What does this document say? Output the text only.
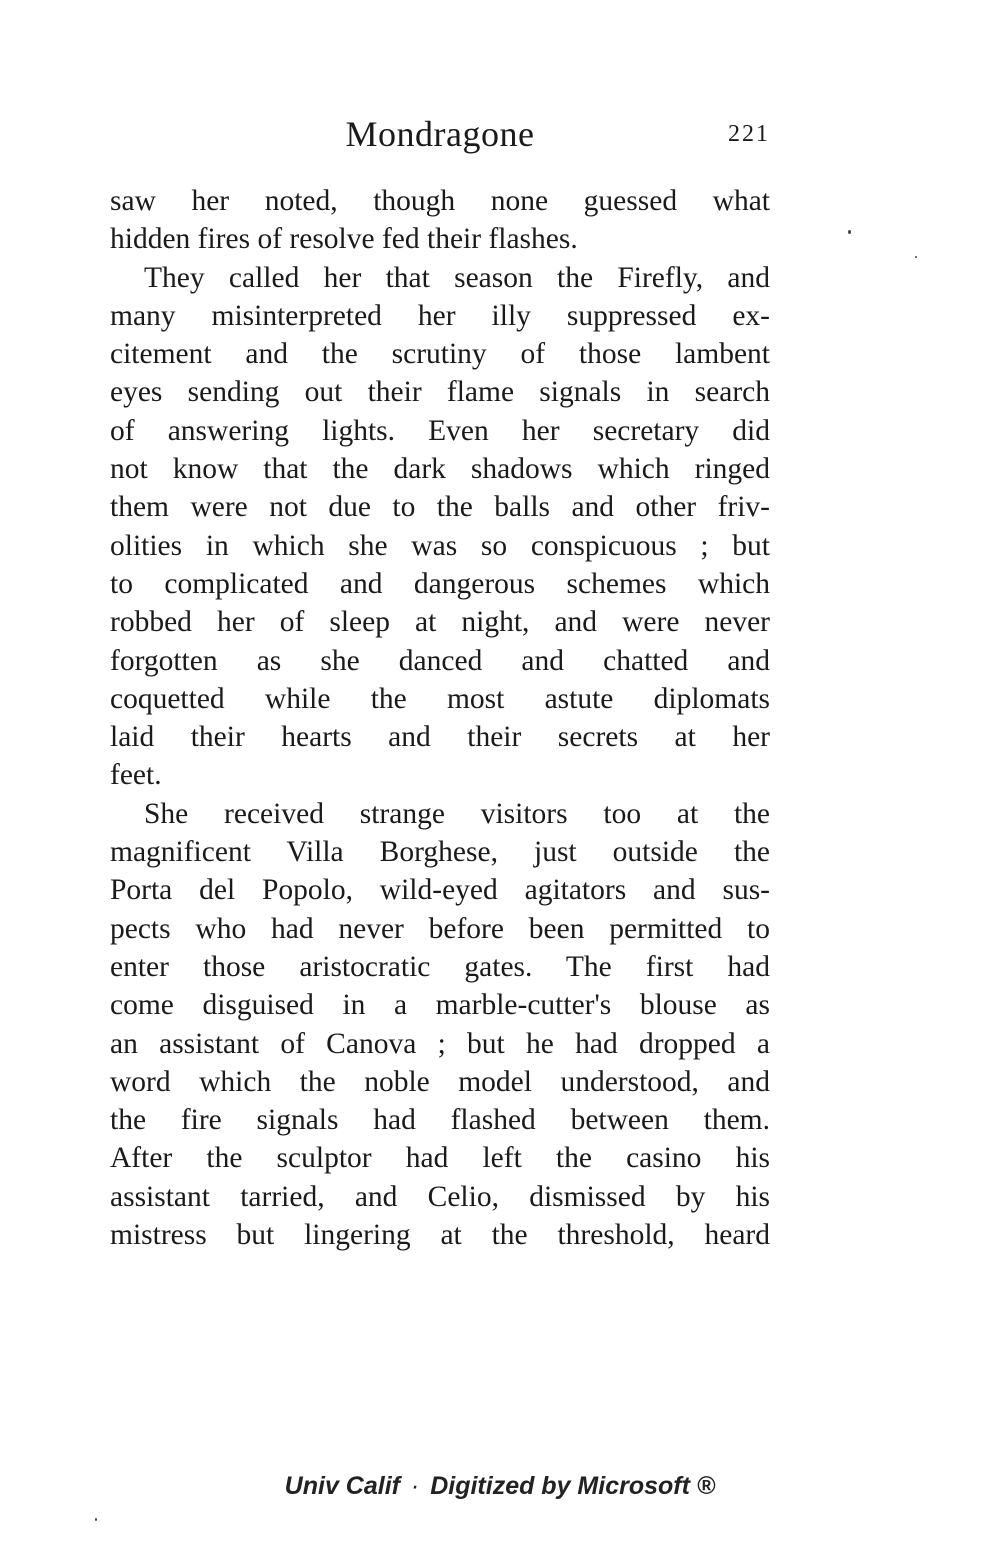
Mondragone	221
saw her noted, though none guessed what
hidden fires of resolve fed their flashes.
They called her that season the Firefly, and
many misinterpreted her illy suppressed ex-
citement and the scrutiny of those lambent
eyes sending out their flame signals in search
of answering lights. Even her secretary did
not know that the dark shadows which ringed
them were not due to the balls and other friv-
olities in which she was so conspicuous ; but
to complicated and dangerous schemes which
robbed her of sleep at night, and were never
forgotten as she danced and chatted and
coquetted while the most astute diplomats
laid their hearts and their secrets at her
feet.
She received strange visitors too at the
magnificent Villa Borghese, just outside the
Porta del Popolo, wild-eyed agitators and sus-
pects who had never before been permitted to
enter those aristocratic gates. The first had
come disguised in a marble-cutter's blouse as
an assistant of Canova ; but he had dropped a
word which the noble model understood, and
the fire signals had flashed between them.
After the sculptor had left the casino his
assistant tarried, and Celio, dismissed by his
mistress but lingering at the threshold, heard
Univ Calif · Digitized by Microsoft ®
